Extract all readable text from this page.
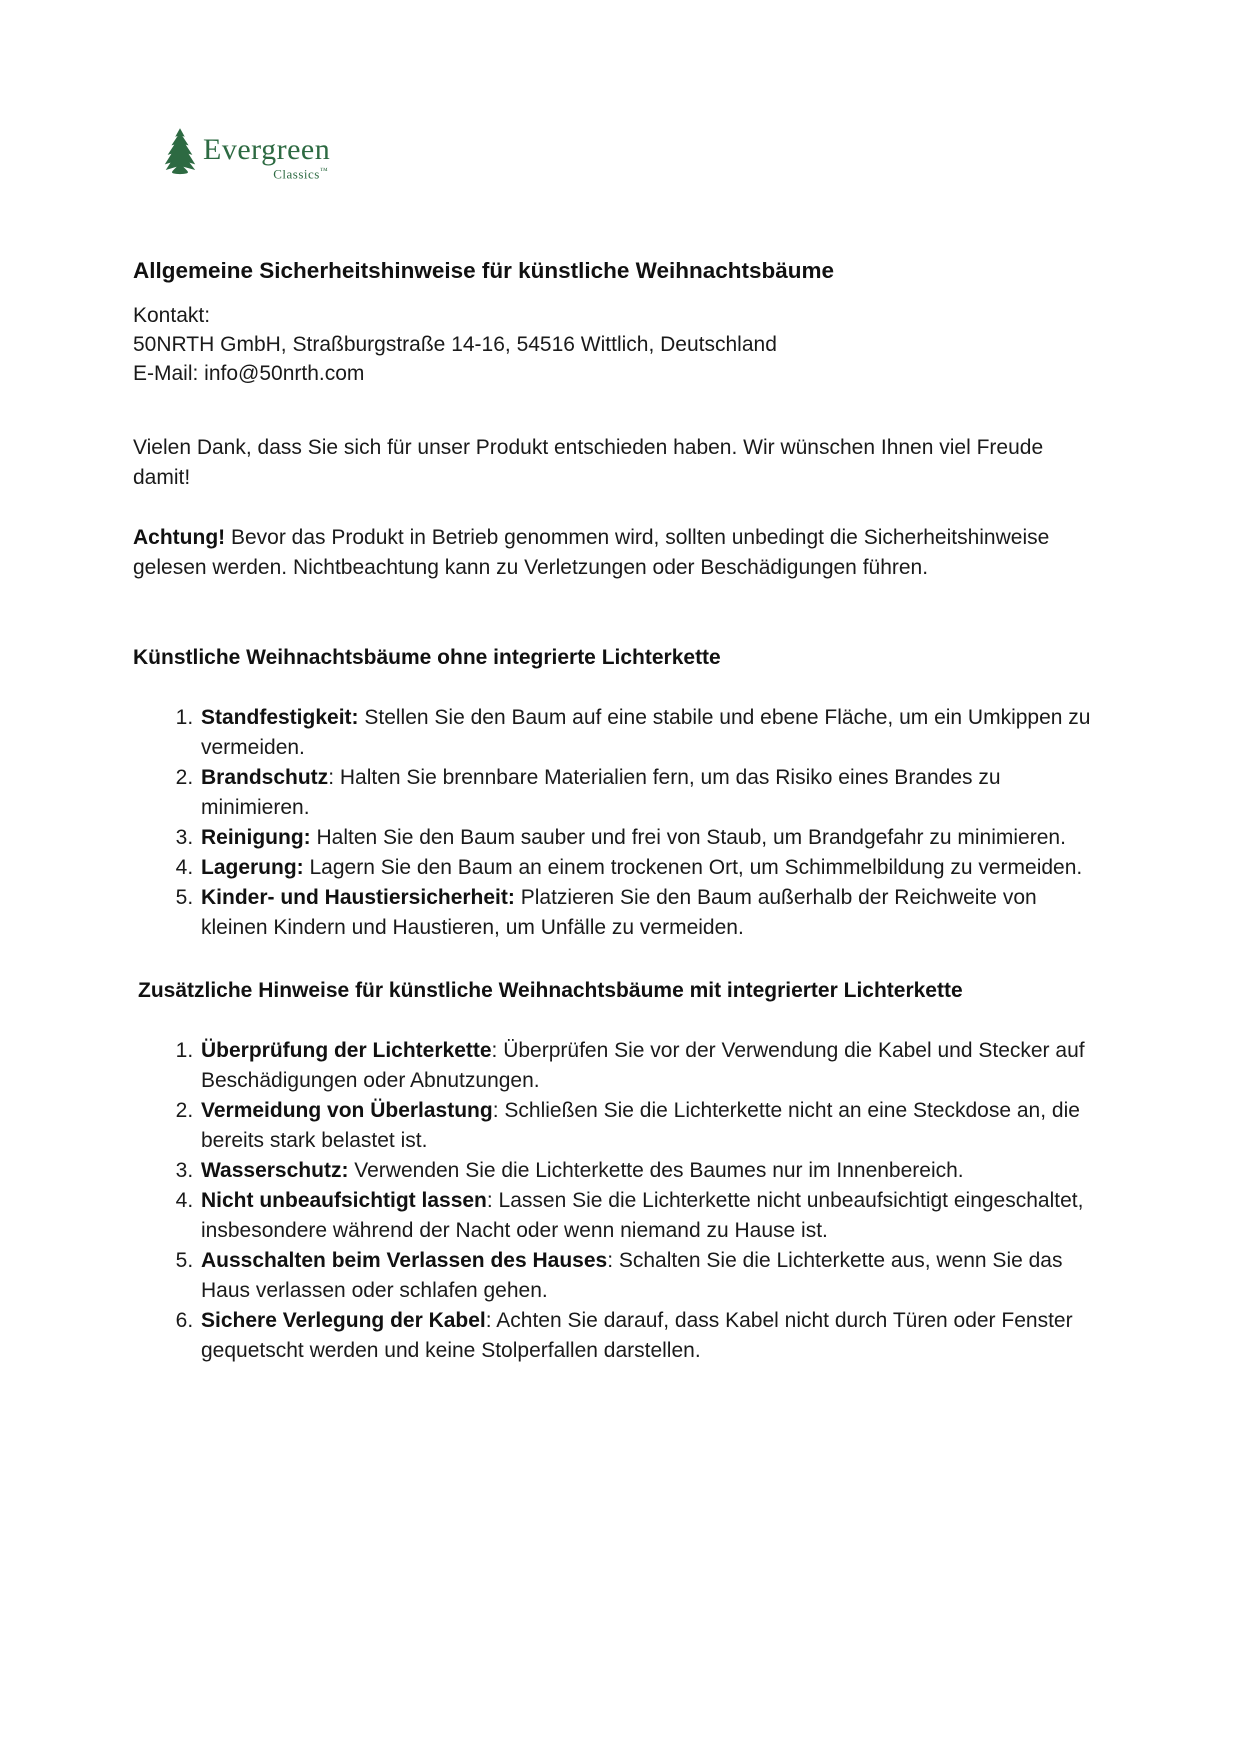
Evergreen
Classics™
Allgemeine Sicherheitshinweise für künstliche Weihnachtsbäume
Kontakt:
50NRTH GmbH, Straßburgstraße 14-16, 54516 Wittlich, Deutschland
E-Mail: info@50nrth.com

Vielen Dank, dass Sie sich für unser Produkt entschieden haben. Wir wünschen Ihnen viel Freude damit!

Achtung! Bevor das Produkt in Betrieb genommen wird, sollten unbedingt die Sicherheitshinweise gelesen werden. Nichtbeachtung kann zu Verletzungen oder Beschädigungen führen.

Künstliche Weihnachtsbäume ohne integrierte Lichterkette
1. Standfestigkeit: Stellen Sie den Baum auf eine stabile und ebene Fläche, um ein Umkippen zu vermeiden.
2. Brandschutz: Halten Sie brennbare Materialien fern, um das Risiko eines Brandes zu minimieren.
3. Reinigung: Halten Sie den Baum sauber und frei von Staub, um Brandgefahr zu minimieren.
4. Lagerung: Lagern Sie den Baum an einem trockenen Ort, um Schimmelbildung zu vermeiden.
5. Kinder- und Haustiersicherheit: Platzieren Sie den Baum außerhalb der Reichweite von kleinen Kindern und Haustieren, um Unfälle zu vermeiden.
Zusätzliche Hinweise für künstliche Weihnachtsbäume mit integrierter Lichterkette
1. Überprüfung der Lichterkette: Überprüfen Sie vor der Verwendung die Kabel und Stecker auf Beschädigungen oder Abnutzungen.
2. Vermeidung von Überlastung: Schließen Sie die Lichterkette nicht an eine Steckdose an, die bereits stark belastet ist.
3. Wasserschutz: Verwenden Sie die Lichterkette des Baumes nur im Innenbereich.
4. Nicht unbeaufsichtigt lassen: Lassen Sie die Lichterkette nicht unbeaufsichtigt eingeschaltet, insbesondere während der Nacht oder wenn niemand zu Hause ist.
5. Ausschalten beim Verlassen des Hauses: Schalten Sie die Lichterkette aus, wenn Sie das Haus verlassen oder schlafen gehen.
6. Sichere Verlegung der Kabel: Achten Sie darauf, dass Kabel nicht durch Türen oder Fenster gequetscht werden und keine Stolperfallen darstellen.
